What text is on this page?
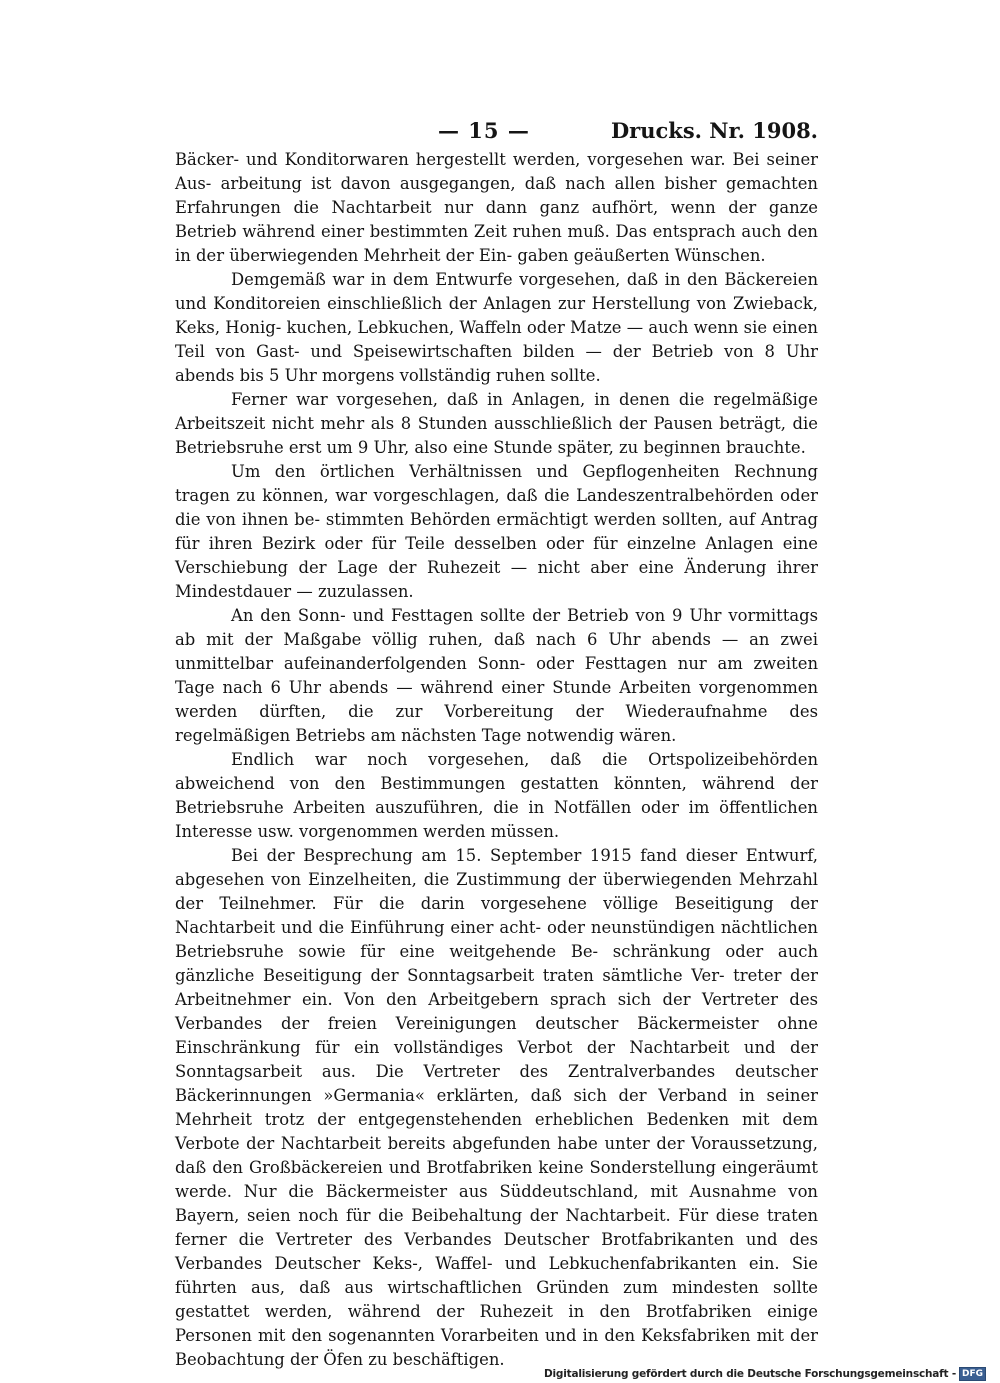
— 15 —	Drucks. Nr. 1908.

Bäcker- und Konditorwaren hergestellt werden, vorgesehen war. Bei seiner Aus- arbeitung ist davon ausgegangen, daß nach allen bisher gemachten Erfahrungen die Nachtarbeit nur dann ganz aufhört, wenn der ganze Betrieb während einer bestimmten Zeit ruhen muß. Das entsprach auch den in der überwiegenden Mehrheit der Ein- gaben geäußerten Wünschen.

Demgemäß war in dem Entwurfe vorgesehen, daß in den Bäckereien und Konditoreien einschließlich der Anlagen zur Herstellung von Zwieback, Keks, Honig- kuchen, Lebkuchen, Waffeln oder Matze — auch wenn sie einen Teil von Gast- und Speisewirtschaften bilden — der Betrieb von 8 Uhr abends bis 5 Uhr morgens vollständig ruhen sollte.

Ferner war vorgesehen, daß in Anlagen, in denen die regelmäßige Arbeitszeit nicht mehr als 8 Stunden ausschließlich der Pausen beträgt, die Betriebsruhe erst um 9 Uhr, also eine Stunde später, zu beginnen brauchte.

Um den örtlichen Verhältnissen und Gepflogenheiten Rechnung tragen zu können, war vorgeschlagen, daß die Landeszentralbehörden oder die von ihnen be- stimmten Behörden ermächtigt werden sollten, auf Antrag für ihren Bezirk oder für Teile desselben oder für einzelne Anlagen eine Verschiebung der Lage der Ruhezeit — nicht aber eine Änderung ihrer Mindestdauer — zuzulassen.

An den Sonn- und Festtagen sollte der Betrieb von 9 Uhr vormittags ab mit der Maßgabe völlig ruhen, daß nach 6 Uhr abends — an zwei unmittelbar aufeinanderfolgenden Sonn- oder Festtagen nur am zweiten Tage nach 6 Uhr abends — während einer Stunde Arbeiten vorgenommen werden dürften, die zur Vorbereitung der Wiederaufnahme des regelmäßigen Betriebs am nächsten Tage notwendig wären.

Endlich war noch vorgesehen, daß die Ortspolizeibehörden abweichend von den Bestimmungen gestatten könnten, während der Betriebsruhe Arbeiten auszuführen, die in Notfällen oder im öffentlichen Interesse usw. vorgenommen werden müssen.

Bei der Besprechung am 15. September 1915 fand dieser Entwurf, abgesehen von Einzelheiten, die Zustimmung der überwiegenden Mehrzahl der Teilnehmer. Für die darin vorgesehene völlige Beseitigung der Nachtarbeit und die Einführung einer acht- oder neunstündigen nächtlichen Betriebsruhe sowie für eine weitgehende Be- schränkung oder auch gänzliche Beseitigung der Sonntagsarbeit traten sämtliche Ver- treter der Arbeitnehmer ein. Von den Arbeitgebern sprach sich der Vertreter des Verbandes der freien Vereinigungen deutscher Bäckermeister ohne Einschränkung für ein vollständiges Verbot der Nachtarbeit und der Sonntagsarbeit aus. Die Vertreter des Zentralverbandes deutscher Bäckerinnungen »Germania« erklärten, daß sich der Verband in seiner Mehrheit trotz der entgegenstehenden erheblichen Bedenken mit dem Verbote der Nachtarbeit bereits abgefunden habe unter der Voraussetzung, daß den Großbäckereien und Brotfabriken keine Sonderstellung eingeräumt werde. Nur die Bäckermeister aus Süddeutschland, mit Ausnahme von Bayern, seien noch für die Beibehaltung der Nachtarbeit. Für diese traten ferner die Vertreter des Verbandes Deutscher Brotfabrikanten und des Verbandes Deutscher Keks-, Waffel- und Lebkuchenfabrikanten ein. Sie führten aus, daß aus wirtschaftlichen Gründen zum mindesten sollte gestattet werden, während der Ruhezeit in den Brotfabriken einige Personen mit den sogenannten Vorarbeiten und in den Keksfabriken mit der Beobachtung der Öfen zu beschäftigen.

Digitalisierung gefördert durch die Deutsche Forschungsgemeinschaft - DFG
